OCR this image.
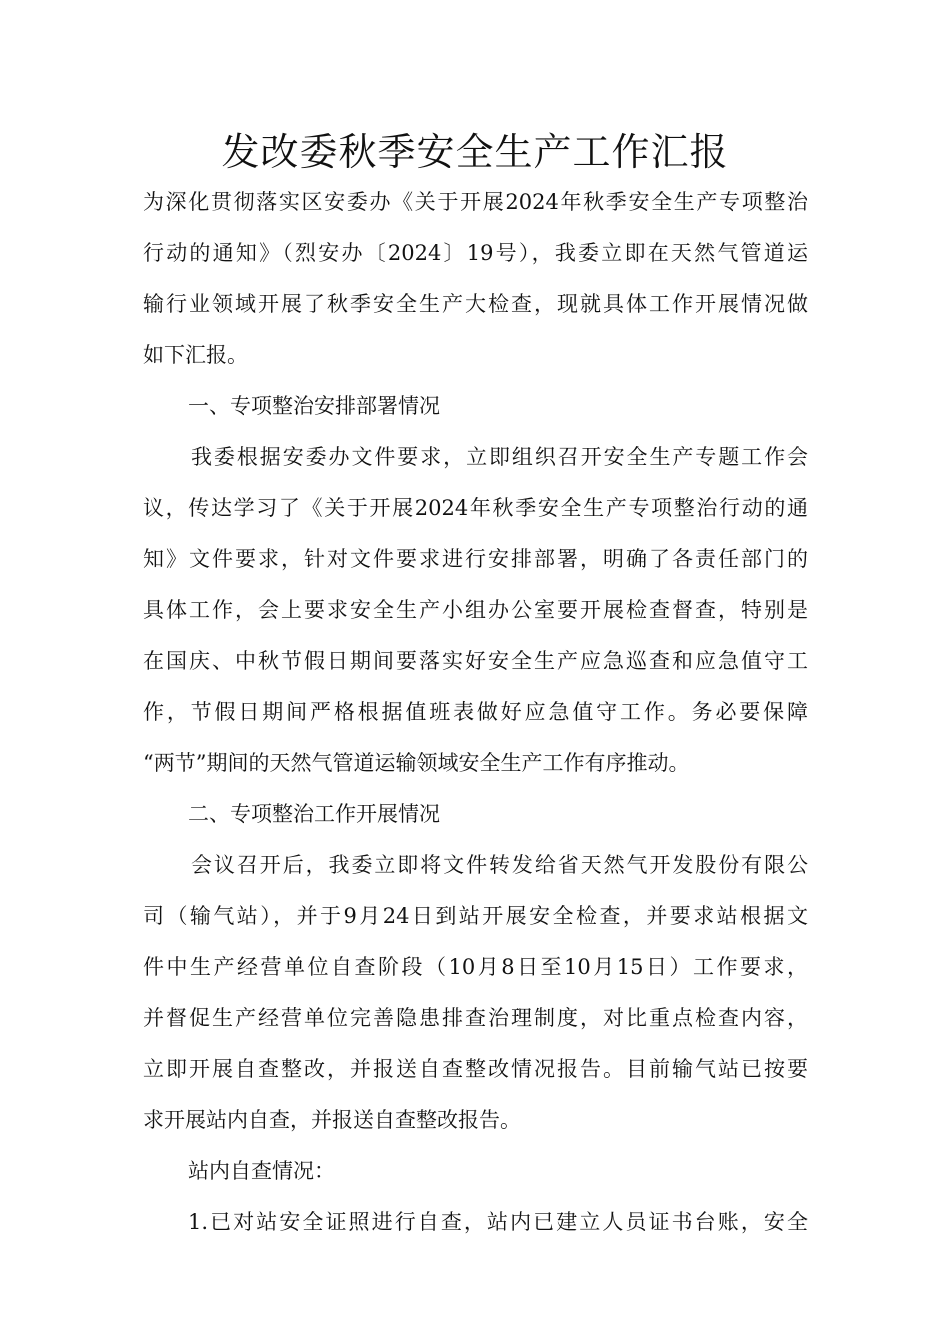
发改委秋季安全生产工作汇报
为深化贯彻落实区安委办《关于开展2024年秋季安全生产专项整治
行动的通知》（烈安办〔2024〕19号），我委立即在天然气管道运
输行业领域开展了秋季安全生产大检查，现就具体工作开展情况做
如下汇报。
一、专项整治安排部署情况
我委根据安委办文件要求，立即组织召开安全生产专题工作会
议，传达学习了《关于开展2024年秋季安全生产专项整治行动的通
知》文件要求，针对文件要求进行安排部署，明确了各责任部门的
具体工作，会上要求安全生产小组办公室要开展检查督查，特别是
在国庆、中秋节假日期间要落实好安全生产应急巡查和应急值守工
作，节假日期间严格根据值班表做好应急值守工作。务必要保障
“两节”期间的天然气管道运输领域安全生产工作有序推动。
二、专项整治工作开展情况
会议召开后，我委立即将文件转发给省天然气开发股份有限公
司（输气站），并于9月24日到站开展安全检查，并要求站根据文
件中生产经营单位自查阶段（10月8日至10月15日）工作要求，
并督促生产经营单位完善隐患排查治理制度，对比重点检查内容，
立即开展自查整改，并报送自查整改情况报告。目前输气站已按要
求开展站内自查，并报送自查整改报告。
站内自查情况：
1.已对站安全证照进行自查，站内已建立人员证书台账，安全
